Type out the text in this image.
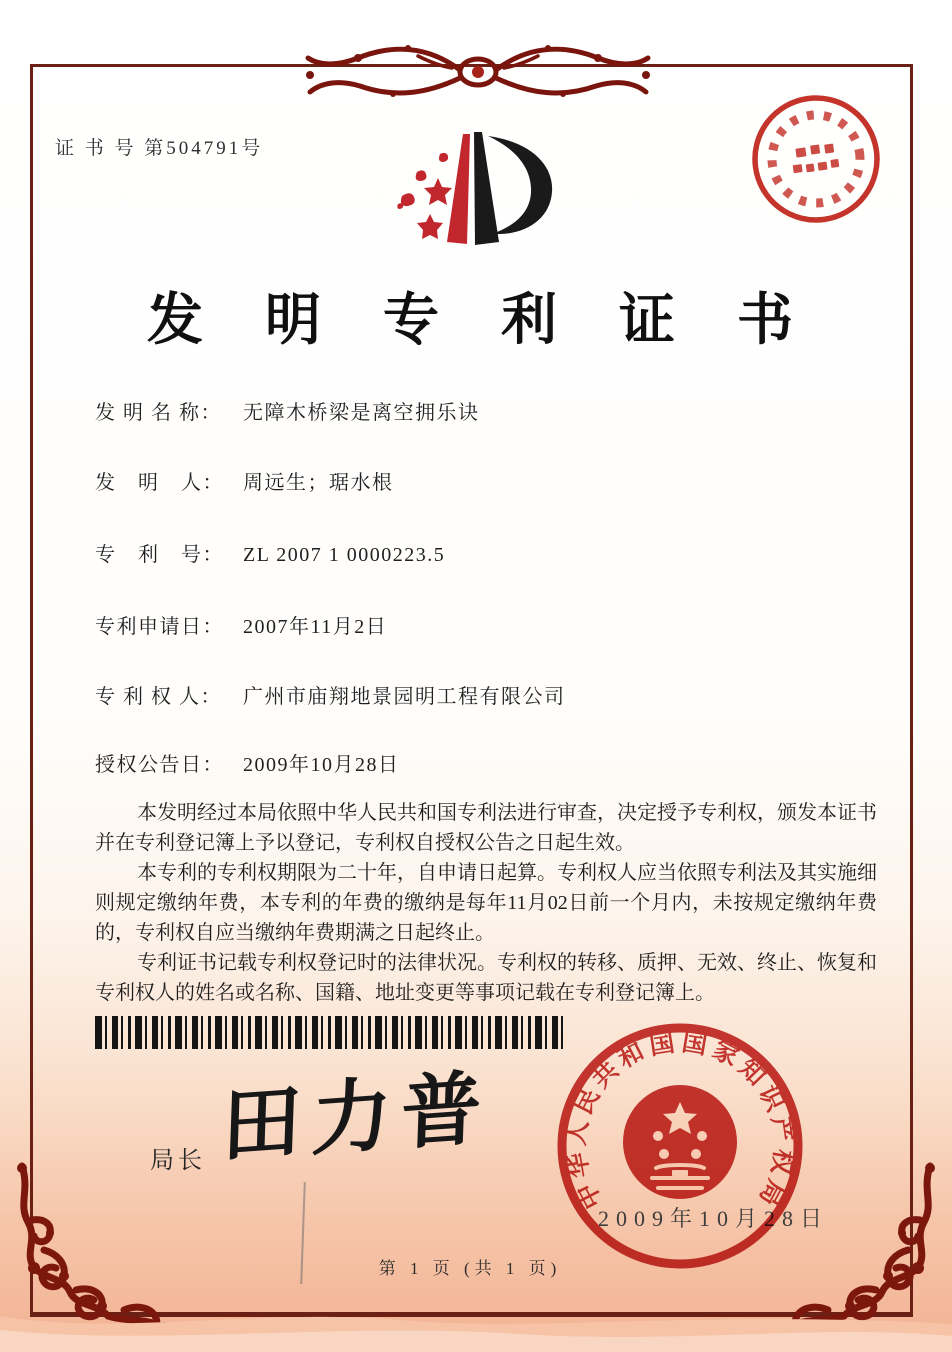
证 书 号 第504791号
发 明 专 利 证 书
发 明 名 称： 无障木桥梁是离空拥乐诀
发　明　人： 周远生；琚水根
专　利　号： ZL 2007 1 0000223.5
专利申请日： 2007年11月2日
专 利 权 人： 广州市庙翔地景园明工程有限公司
授权公告日： 2009年10月28日

本发明经过本局依照中华人民共和国专利法进行审查，决定授予专利权，颁发本证书并在专利登记簿上予以登记，专利权自授权公告之日起生效。

本专利的专利权期限为二十年，自申请日起算。专利权人应当依照专利法及其实施细则规定缴纳年费，本专利的年费的缴纳是每年11月02日前一个月内，未按规定缴纳年费的，专利权自应当缴纳年费期满之日起终止。

专利证书记载专利权登记时的法律状况。专利权的转移、质押、无效、终止、恢复和专利权人的姓名或名称、国籍、地址变更等事项记载在专利登记簿上。

局长 田力普
2009年10月28日
中华人民共和国国家知识产权局
第 1 页 (共 1 页)
